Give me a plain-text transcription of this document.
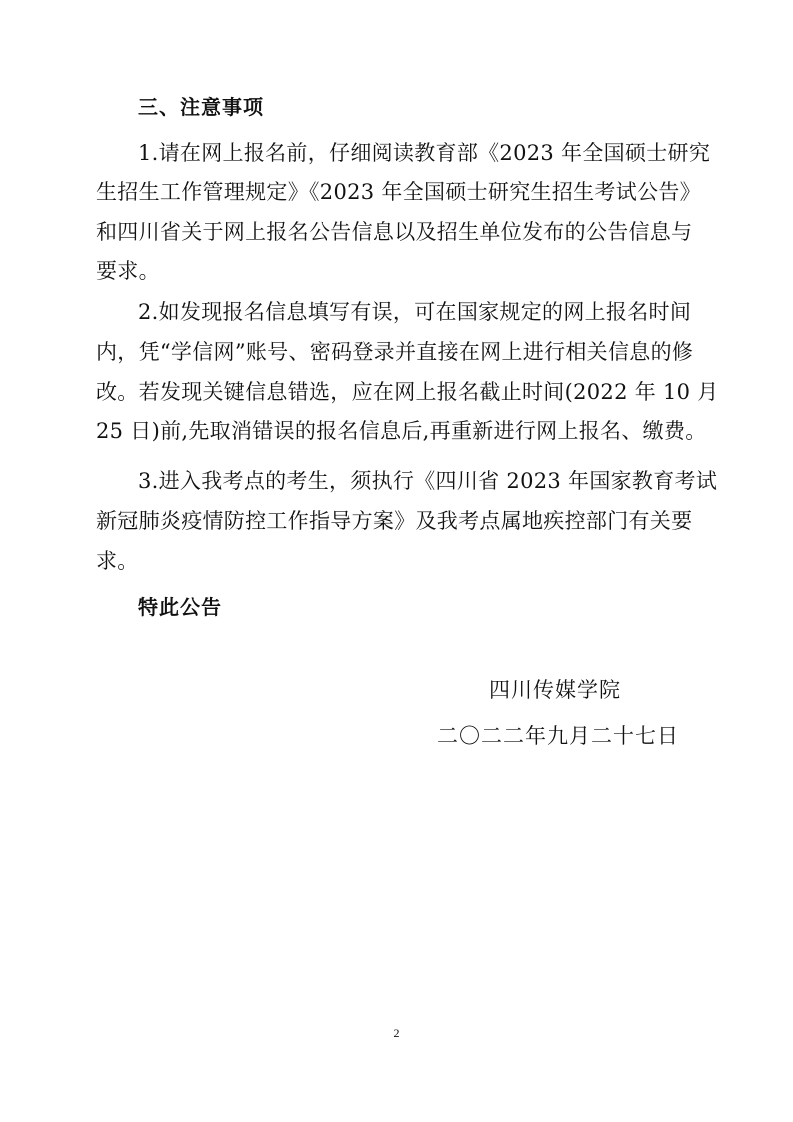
三、注意事项
1.请在网上报名前，仔细阅读教育部《2023 年全国硕士研究
生招生工作管理规定》《2023 年全国硕士研究生招生考试公告》
和四川省关于网上报名公告信息以及招生单位发布的公告信息与
要求。
2.如发现报名信息填写有误，可在国家规定的网上报名时间
内，凭“学信网”账号、密码登录并直接在网上进行相关信息的修
改。若发现关键信息错选，应在网上报名截止时间(2022 年 10 月
25 日)前,先取消错误的报名信息后,再重新进行网上报名、缴费。
3.进入我考点的考生，须执行《四川省 2023 年国家教育考试
新冠肺炎疫情防控工作指导方案》及我考点属地疾控部门有关要
求。
特此公告
四川传媒学院
二〇二二年九月二十七日
2
